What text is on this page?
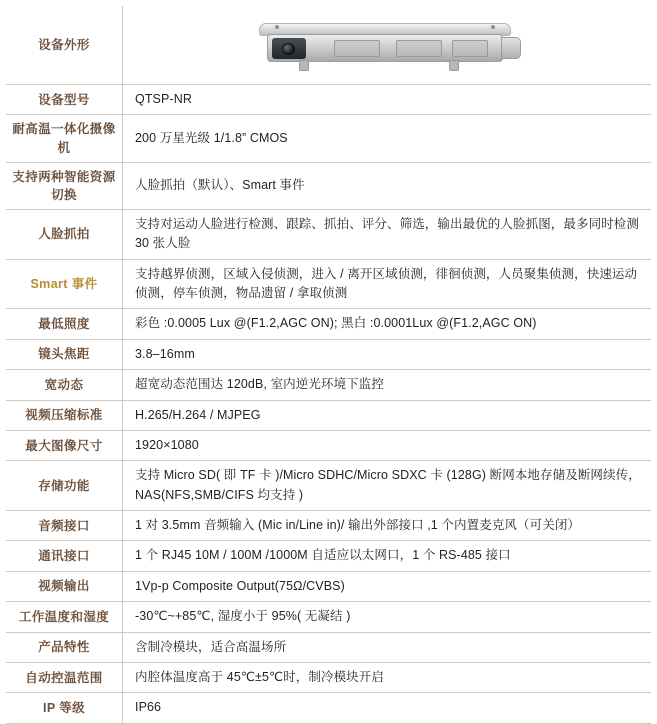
设备外形	

设备型号	QTSP-NR
耐高温一体化摄像机	200 万星光级 1/1.8” CMOS
支持两种智能资源切换	人脸抓拍（默认）、Smart 事件
人脸抓拍	支持对运动人脸进行检测、跟踪、抓拍、评分、筛选，输出最优的人脸抓图，最多同时检测 30 张人脸
Smart 事件	支持越界侦测，区域入侵侦测，进入 / 离开区域侦测，徘徊侦测，人员聚集侦测，快速运动侦测，停车侦测，物品遗留 / 拿取侦测
最低照度	彩色 :0.0005 Lux @(F1.2,AGC ON); 黑白 :0.0001Lux @(F1.2,AGC ON)
镜头焦距	3.8–16mm
宽动态	超宽动态范围达 120dB, 室内逆光环境下监控
视频压缩标准	H.265/H.264 / MJPEG
最大图像尺寸	1920×1080
存储功能	支持 Micro SD( 即 TF 卡 )/Micro SDHC/Micro SDXC 卡 (128G) 断网本地存储及断网续传，NAS(NFS,SMB/CIFS 均支持 )
音频接口	1 对 3.5mm 音频输入 (Mic in/Line in)/ 输出外部接口 ,1 个内置麦克风（可关闭）
通讯接口	1 个 RJ45 10M / 100M /1000M 自适应以太网口，1 个 RS-485 接口
视频输出	1Vp-p Composite Output(75Ω/CVBS)
工作温度和湿度	-30℃~+85℃, 湿度小于 95%( 无凝结 )
产品特性	含制冷模块，适合高温场所
自动控温范围	内腔体温度高于 45℃±5℃时，制冷模块开启
IP 等级	IP66
